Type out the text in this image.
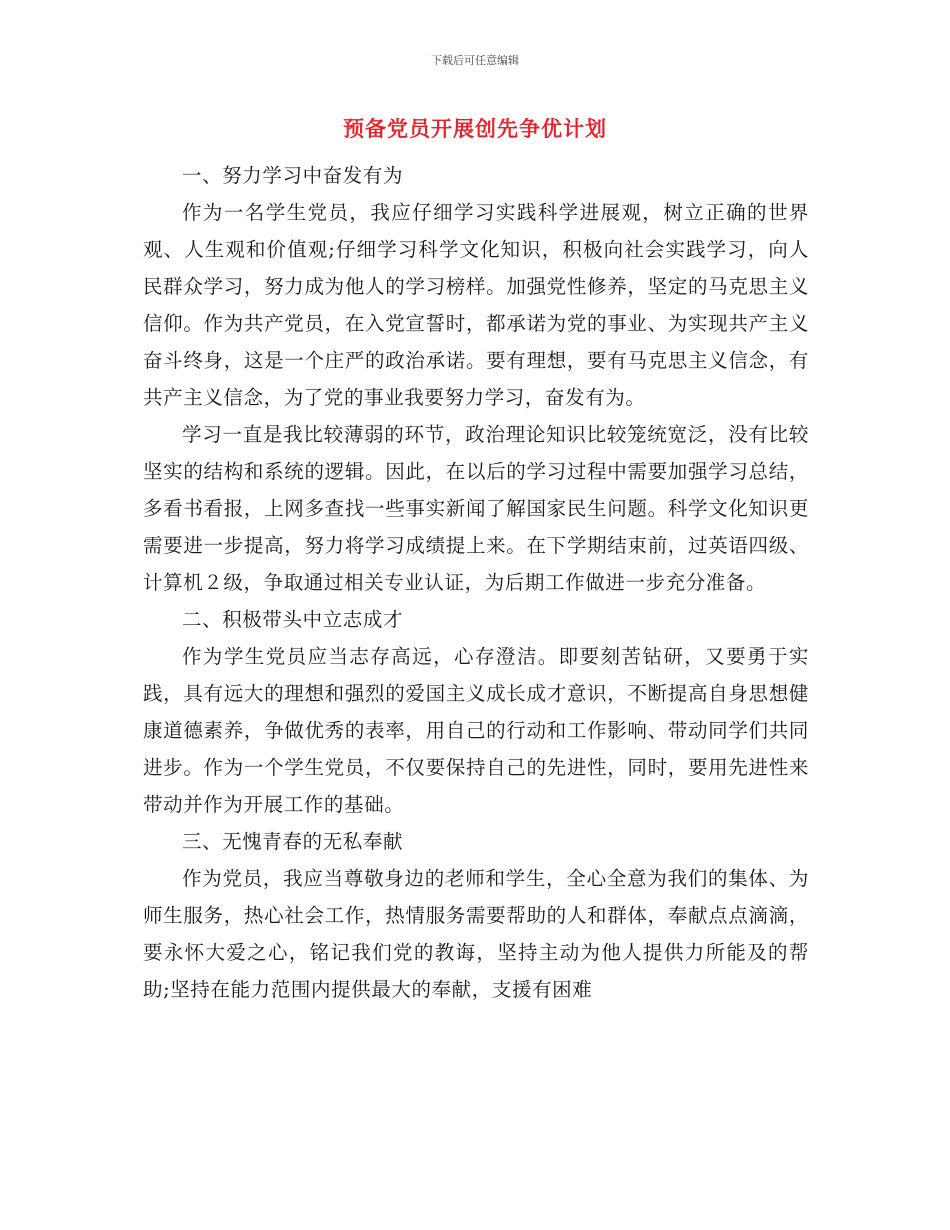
下载后可任意编辑
预备党员开展创先争优计划

一、努力学习中奋发有为

作为一名学生党员，我应仔细学习实践科学进展观，树立正确的世界观、人生观和价值观;仔细学习科学文化知识，积极向社会实践学习，向人民群众学习，努力成为他人的学习榜样。加强党性修养，坚定的马克思主义信仰。作为共产党员，在入党宣誓时，都承诺为党的事业、为实现共产主义奋斗终身，这是一个庄严的政治承诺。要有理想，要有马克思主义信念，有共产主义信念，为了党的事业我要努力学习，奋发有为。

学习一直是我比较薄弱的环节，政治理论知识比较笼统宽泛，没有比较坚实的结构和系统的逻辑。因此，在以后的学习过程中需要加强学习总结，多看书看报，上网多查找一些事实新闻了解国家民生问题。科学文化知识更需要进一步提高，努力将学习成绩提上来。在下学期结束前，过英语四级、计算机２级，争取通过相关专业认证，为后期工作做进一步充分准备。

二、积极带头中立志成才

作为学生党员应当志存高远，心存澄洁。即要刻苦钻研，又要勇于实践，具有远大的理想和强烈的爱国主义成长成才意识，不断提高自身思想健康道德素养，争做优秀的表率，用自己的行动和工作影响、带动同学们共同进步。作为一个学生党员，不仅要保持自己的先进性，同时，要用先进性来带动并作为开展工作的基础。

三、无愧青春的无私奉献

作为党员，我应当尊敬身边的老师和学生，全心全意为我们的集体、为师生服务，热心社会工作，热情服务需要帮助的人和群体，奉献点点滴滴，要永怀大爱之心，铭记我们党的教诲，坚持主动为他人提供力所能及的帮助;坚持在能力范围内提供最大的奉献，支援有困难
